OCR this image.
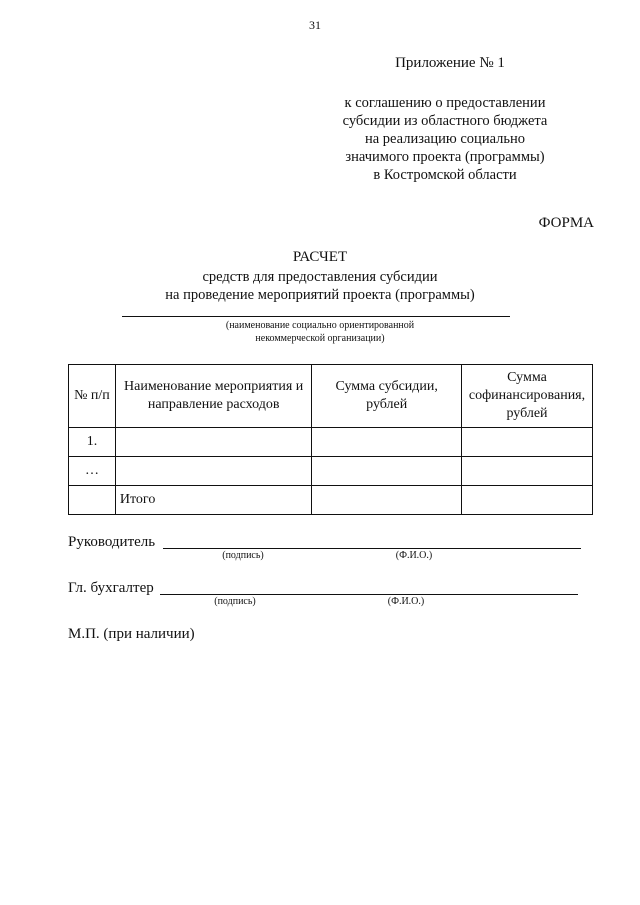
31
Приложение № 1
к соглашению о предоставлении
субсидии из областного бюджета
на реализацию социально
значимого проекта (программы)
в Костромской области
ФОРМА
РАСЧЕТ
средств для предоставления субсидии
на проведение мероприятий проекта (программы)
(наименование социально ориентированной
некоммерческой организации)
№ п/п	Наименование мероприятия и направление расходов	Сумма субсидии, рублей	Сумма софинансирования, рублей
1.			
…			
	Итого		
Руководитель
(подпись)	(Ф.И.О.)
Гл. бухгалтер
(подпись)	(Ф.И.О.)
М.П. (при наличии)
